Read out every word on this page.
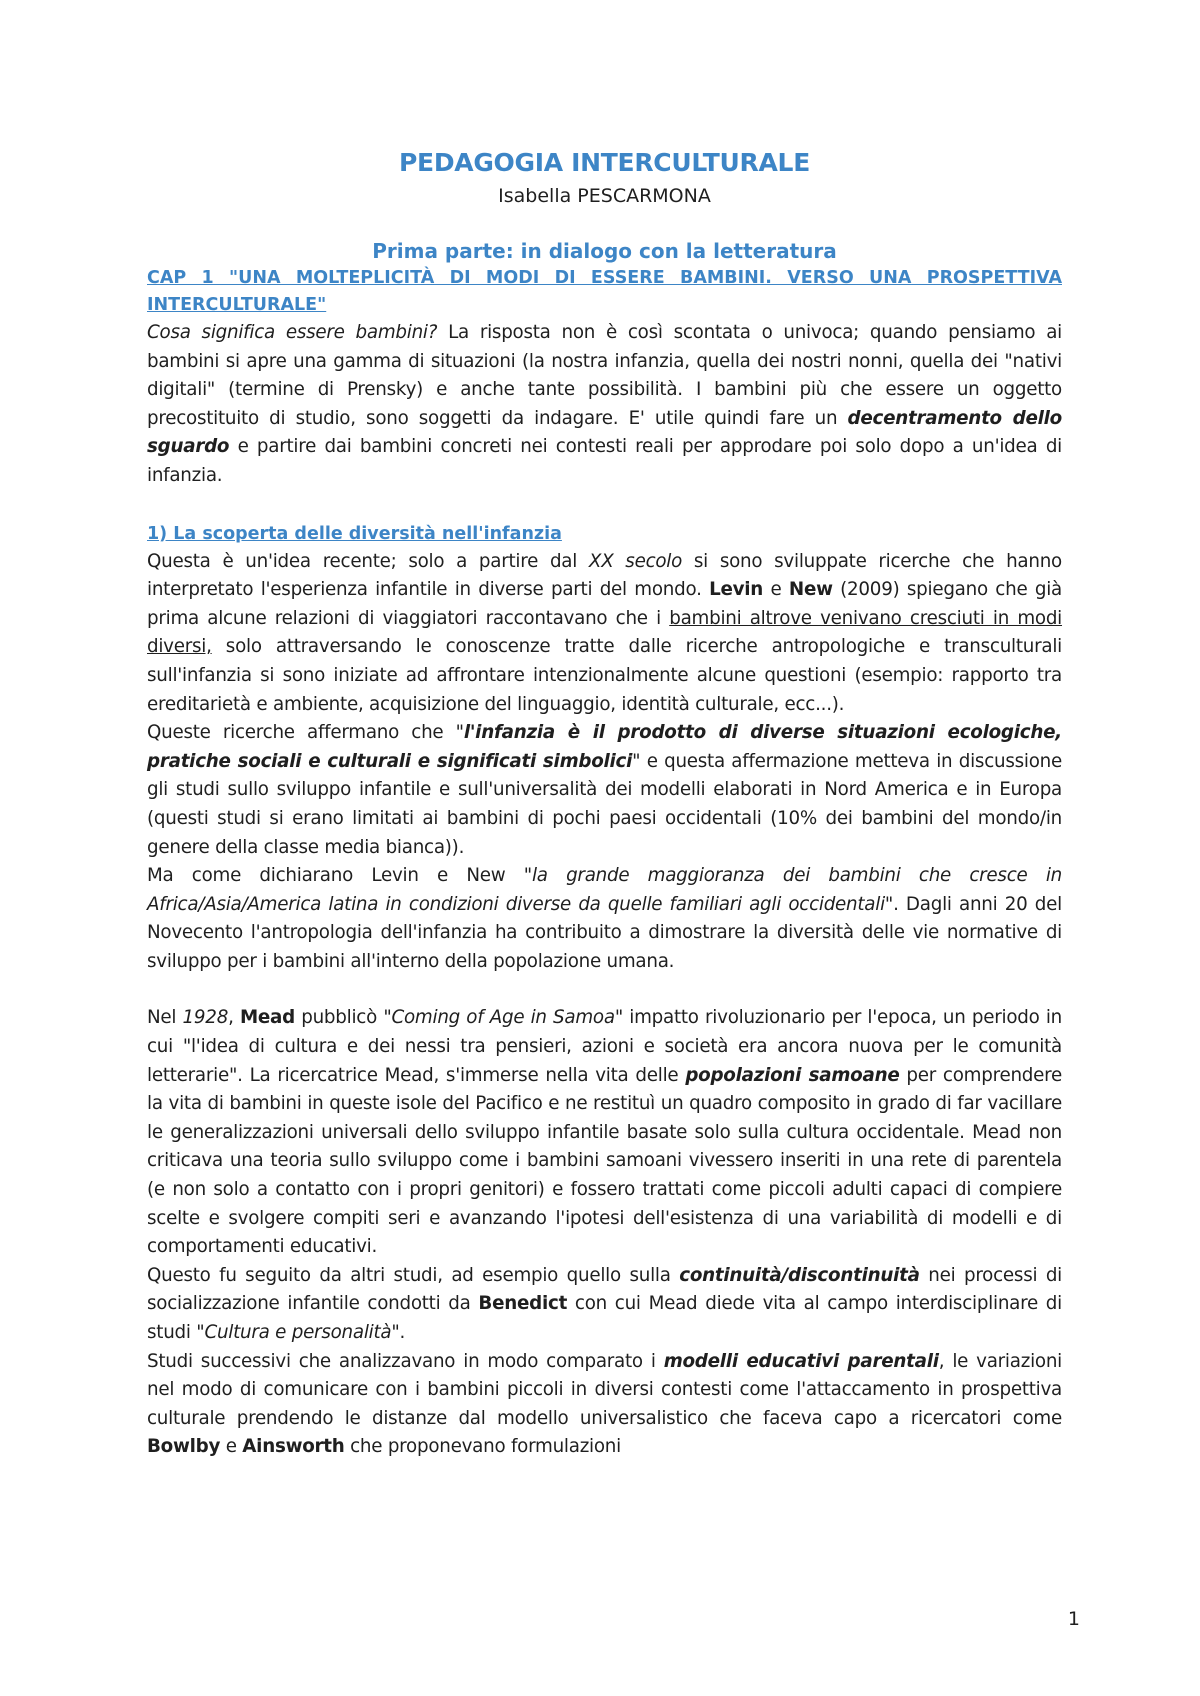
PEDAGOGIA INTERCULTURALE
Isabella PESCARMONA
Prima parte: in dialogo con la letteratura
CAP 1 "UNA MOLTEPLICITÀ DI MODI DI ESSERE BAMBINI. VERSO UNA PROSPETTIVA INTERCULTURALE"

Cosa significa essere bambini? La risposta non è così scontata o univoca; quando pensiamo ai bambini si apre una gamma di situazioni (la nostra infanzia, quella dei nostri nonni, quella dei "nativi digitali" (termine di Prensky) e anche tante possibilità. I bambini più che essere un oggetto precostituito di studio, sono soggetti da indagare. E' utile quindi fare un decentramento dello sguardo e partire dai bambini concreti nei contesti reali per approdare poi solo dopo a un'idea di infanzia.

1) La scoperta delle diversità nell'infanzia

Questa è un'idea recente; solo a partire dal XX secolo si sono sviluppate ricerche che hanno interpretato l'esperienza infantile in diverse parti del mondo. Levin e New (2009) spiegano che già prima alcune relazioni di viaggiatori raccontavano che i bambini altrove venivano cresciuti in modi diversi, solo attraversando le conoscenze tratte dalle ricerche antropologiche e transculturali sull'infanzia si sono iniziate ad affrontare intenzionalmente alcune questioni (esempio: rapporto tra ereditarietà e ambiente, acquisizione del linguaggio, identità culturale, ecc...).

Queste ricerche affermano che "l'infanzia è il prodotto di diverse situazioni ecologiche, pratiche sociali e culturali e significati simbolici" e questa affermazione metteva in discussione gli studi sullo sviluppo infantile e sull'universalità dei modelli elaborati in Nord America e in Europa (questi studi si erano limitati ai bambini di pochi paesi occidentali (10% dei bambini del mondo/in genere della classe media bianca)).

Ma come dichiarano Levin e New "la grande maggioranza dei bambini che cresce in Africa/Asia/America latina in condizioni diverse da quelle familiari agli occidentali". Dagli anni 20 del Novecento l'antropologia dell'infanzia ha contribuito a dimostrare la diversità delle vie normative di sviluppo per i bambini all'interno della popolazione umana.

Nel 1928, Mead pubblicò "Coming of Age in Samoa" impatto rivoluzionario per l'epoca, un periodo in cui "l'idea di cultura e dei nessi tra pensieri, azioni e società era ancora nuova per le comunità letterarie". La ricercatrice Mead, s'immerse nella vita delle popolazioni samoane per comprendere la vita di bambini in queste isole del Pacifico e ne restituì un quadro composito in grado di far vacillare le generalizzazioni universali dello sviluppo infantile basate solo sulla cultura occidentale. Mead non criticava una teoria sullo sviluppo come i bambini samoani vivessero inseriti in una rete di parentela (e non solo a contatto con i propri genitori) e fossero trattati come piccoli adulti capaci di compiere scelte e svolgere compiti seri e avanzando l'ipotesi dell'esistenza di una variabilità di modelli e di comportamenti educativi.

Questo fu seguito da altri studi, ad esempio quello sulla continuità/discontinuità nei processi di socializzazione infantile condotti da Benedict con cui Mead diede vita al campo interdisciplinare di studi "Cultura e personalità".

Studi successivi che analizzavano in modo comparato i modelli educativi parentali, le variazioni nel modo di comunicare con i bambini piccoli in diversi contesti come l'attaccamento in prospettiva culturale prendendo le distanze dal modello universalistico che faceva capo a ricercatori come Bowlby e Ainsworth che proponevano formulazioni

1
